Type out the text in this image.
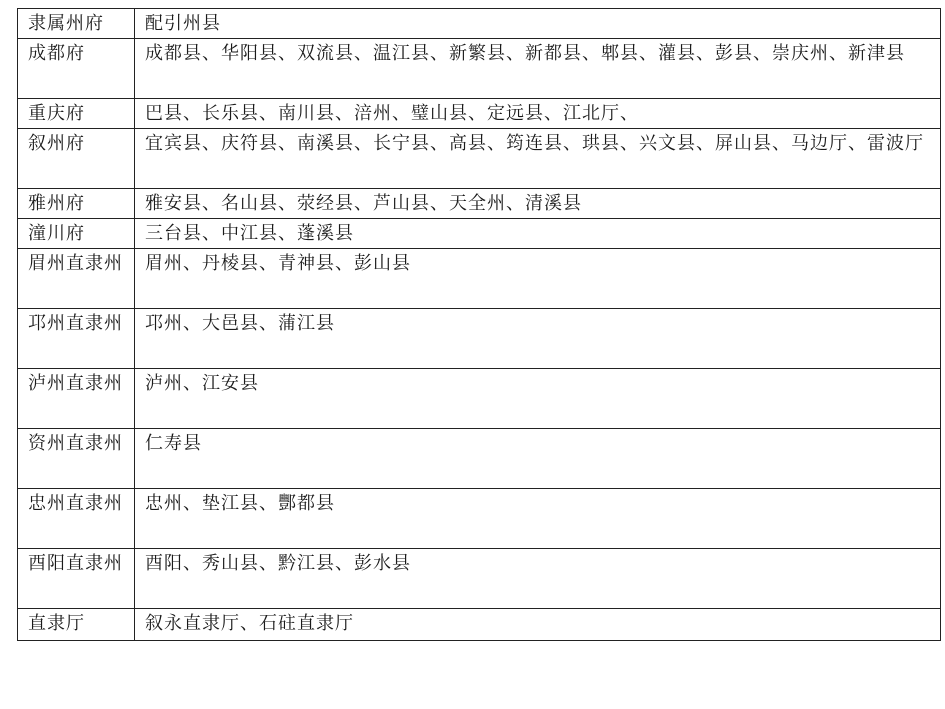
隶属州府	配引州县
成都府	成都县、华阳县、双流县、温江县、新繁县、新都县、郫县、灌县、彭县、崇庆州、新津县
重庆府	巴县、长乐县、南川县、涪州、璧山县、定远县、江北厅、
叙州府	宜宾县、庆符县、南溪县、长宁县、高县、筠连县、珙县、兴文县、屏山县、马边厅、雷波厅
雅州府	雅安县、名山县、荥经县、芦山县、天全州、清溪县
潼川府	三台县、中江县、蓬溪县
眉州直隶州	眉州、丹棱县、青神县、彭山县
邛州直隶州	邛州、大邑县、蒲江县
泸州直隶州	泸州、江安县
资州直隶州	仁寿县
忠州直隶州	忠州、垫江县、酆都县
酉阳直隶州	酉阳、秀山县、黔江县、彭水县
直隶厅	叙永直隶厅、石砫直隶厅
